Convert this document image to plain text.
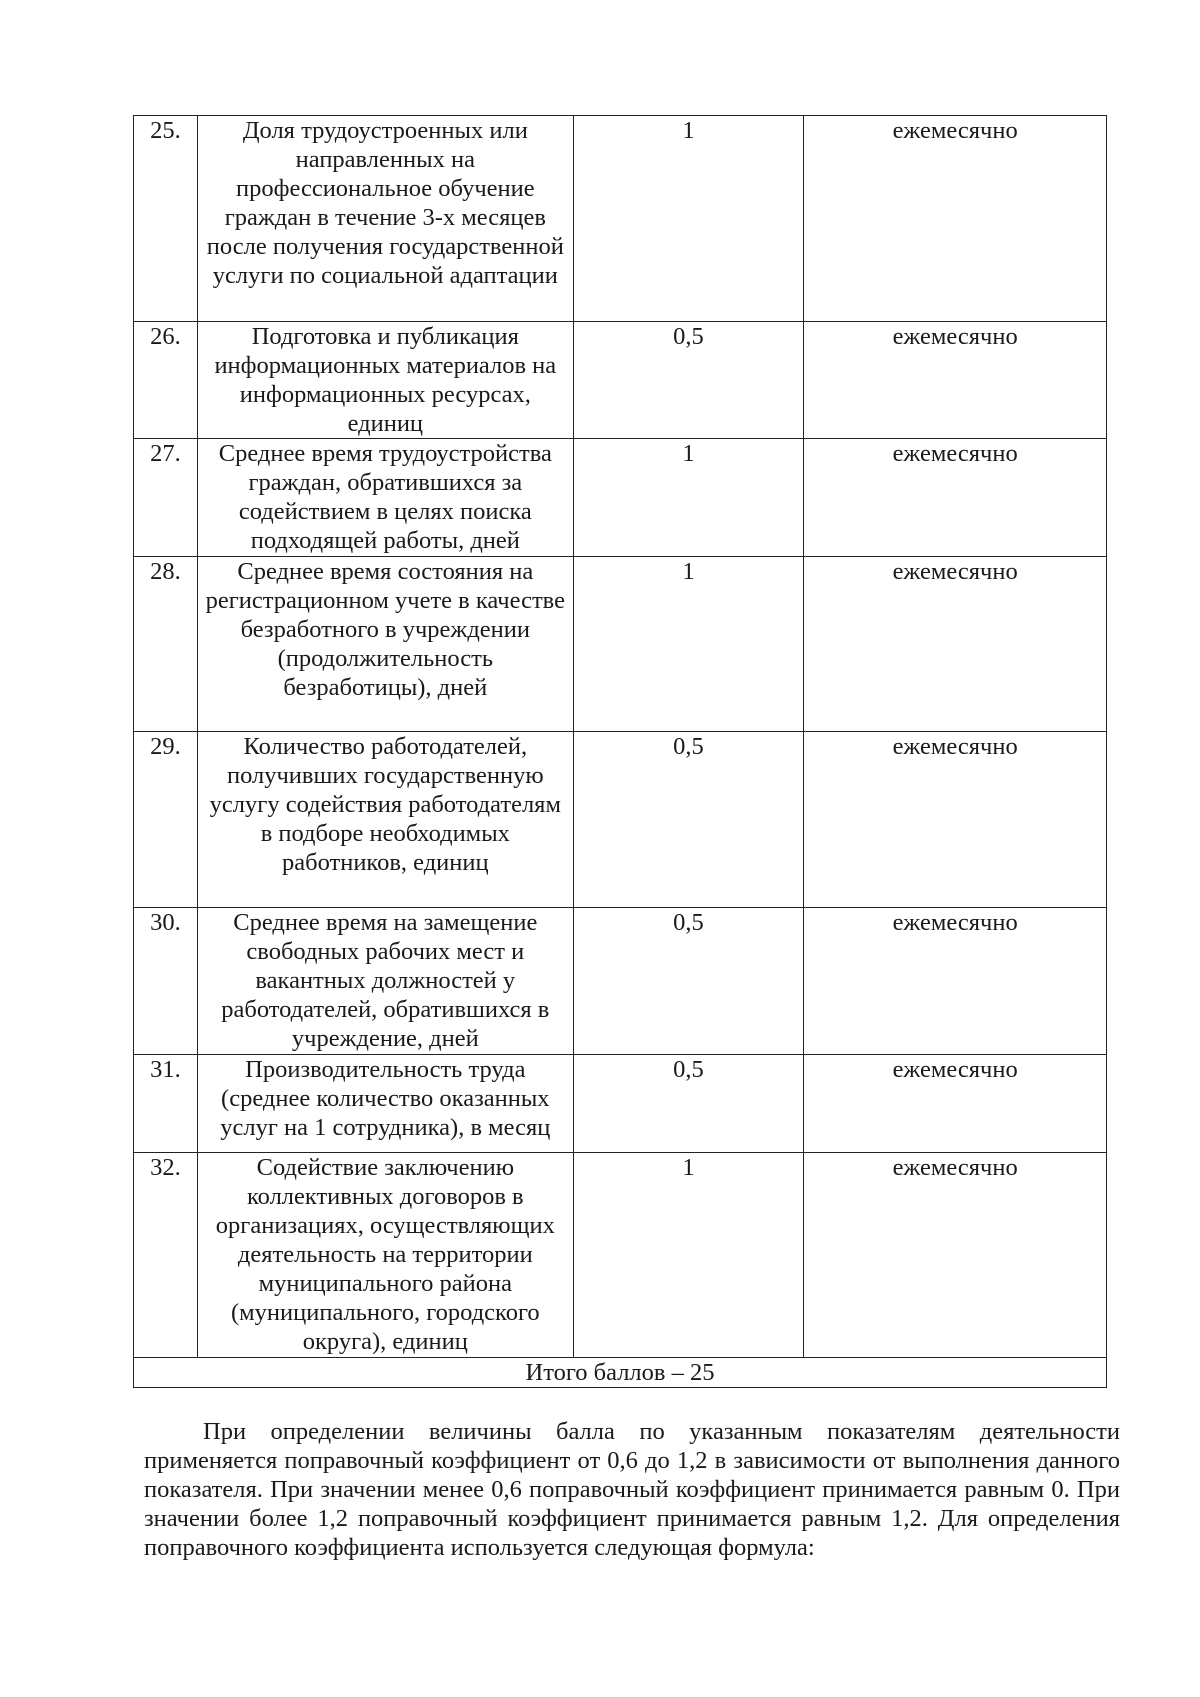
25.	Доля трудоустроенных или направленных на профессиональное обучение граждан в течение 3-х месяцев после получения государственной услуги по социальной адаптации	1	ежемесячно
26.	Подготовка и публикация информационных материалов на информационных ресурсах, единиц	0,5	ежемесячно
27.	Среднее время трудоустройства граждан, обратившихся за содействием в целях поиска подходящей работы, дней	1	ежемесячно
28.	Среднее время состояния на регистрационном учете в качестве безработного в учреждении (продолжительность безработицы), дней	1	ежемесячно
29.	Количество работодателей, получивших государственную услугу содействия работодателям в подборе необходимых работников, единиц	0,5	ежемесячно
30.	Среднее время на замещение свободных рабочих мест и вакантных должностей у работодателей, обратившихся в учреждение, дней	0,5	ежемесячно
31.	Производительность труда (среднее количество оказанных услуг на 1 сотрудника), в месяц	0,5	ежемесячно
32.	Содействие заключению коллективных договоров в организациях, осуществляющих деятельность на территории муниципального района (муниципального, городского округа), единиц	1	ежемесячно
Итого баллов – 25			

При определении величины балла по указанным показателям деятельности применяется поправочный коэффициент от 0,6 до 1,2 в зависимости от выполнения данного показателя. При значении менее 0,6 поправочный коэффициент принимается равным 0. При значении более 1,2 поправочный коэффициент принимается равным 1,2. Для определения поправочного коэффициента используется следующая формула:
